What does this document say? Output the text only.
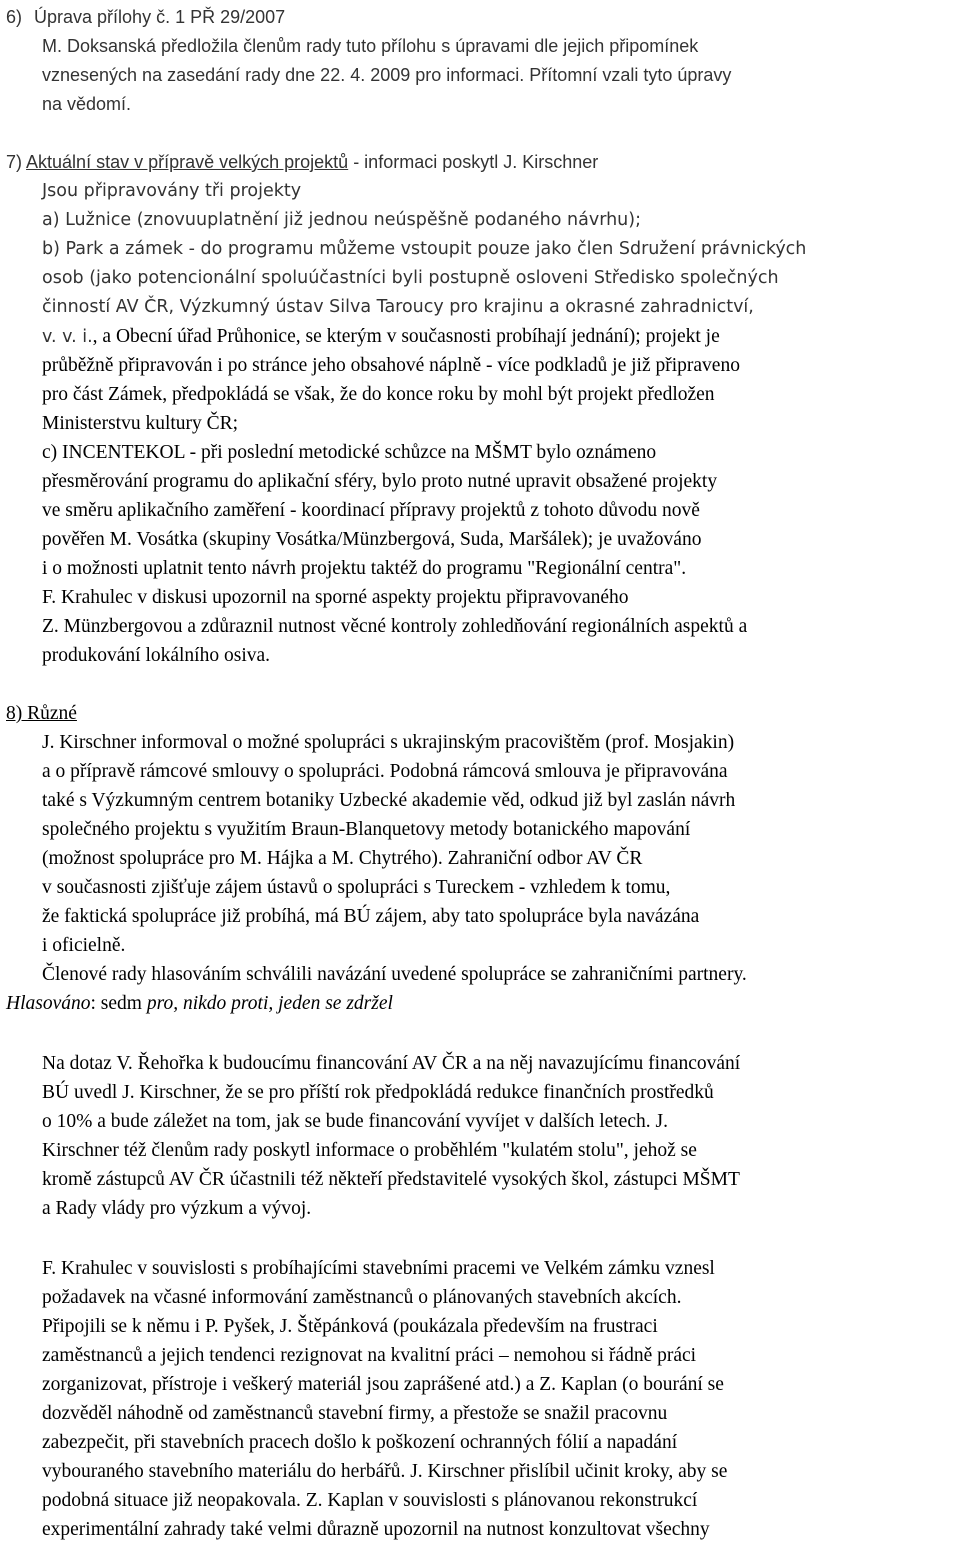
6) Úprava přílohy č. 1 PŘ 29/2007
M. Doksanská předložila členům rady tuto přílohu s úpravami dle jejich připomínek
vznesených na zasedání rady dne 22. 4. 2009 pro informaci. Přítomní vzali tyto úpravy
na vědomí.
7) Aktuální stav v přípravě velkých projektů - informaci poskytl J. Kirschner
Jsou připravovány tři projekty
a) Lužnice (znovuuplatnění již jednou neúspěšně podaného návrhu);
b) Park a zámek - do programu můžeme vstoupit pouze jako člen Sdružení právnických
osob (jako potencionální spoluúčastníci byli postupně osloveni Středisko společných
činností AV ČR, Výzkumný ústav Silva Taroucy pro krajinu a okrasné zahradnictví,
v. v. i., a Obecní úřad Průhonice, se kterým v současnosti probíhají jednání); projekt je
průběžně připravován i po stránce jeho obsahové náplně - více podkladů je již připraveno
pro část Zámek, předpokládá se však, že do konce roku by mohl být projekt předložen
Ministerstvu kultury ČR;
c) INCENTEKOL - při poslední metodické schůzce na MŠMT bylo oznámeno
přesměrování programu do aplikační sféry, bylo proto nutné upravit obsažené projekty
ve směru aplikačního zaměření - koordinací přípravy projektů z tohoto důvodu nově
pověřen M. Vosátka (skupiny Vosátka/Münzbergová, Suda, Maršálek); je uvažováno
i o možnosti uplatnit tento návrh projektu taktéž do programu "Regionální centra".
F. Krahulec v diskusi upozornil na sporné aspekty projektu připravovaného
Z. Münzbergovou a zdůraznil nutnost věcné kontroly zohledňování regionálních aspektů a
produkování lokálního osiva.
8) Různé
J. Kirschner informoval o možné spolupráci s ukrajinským pracovištěm (prof. Mosjakin)
a o přípravě rámcové smlouvy o spolupráci. Podobná rámcová smlouva je připravována
také s Výzkumným centrem botaniky Uzbecké akademie věd, odkud již byl zaslán návrh
společného projektu s využitím Braun-Blanquetovy metody botanického mapování
(možnost spolupráce pro M. Hájka a M. Chytrého). Zahraniční odbor AV ČR
v současnosti zjišťuje zájem ústavů o spolupráci s Tureckem - vzhledem k tomu,
že faktická spolupráce již probíhá, má BÚ zájem, aby tato spolupráce byla navázána
i oficielně.
Členové rady hlasováním schválili navázání uvedené spolupráce se zahraničními partnery.
Hlasováno: sedm pro, nikdo proti, jeden se zdržel
Na dotaz V. Řehořka k budoucímu financování AV ČR a na něj navazujícímu financování
BÚ uvedl J. Kirschner, že se pro příští rok předpokládá redukce finančních prostředků
o 10% a bude záležet na tom, jak se bude financování vyvíjet v dalších letech. J.
Kirschner též členům rady poskytl informace o proběhlém "kulatém stolu", jehož se
kromě zástupců AV ČR účastnili též někteří představitelé vysokých škol, zástupci MŠMT
a Rady vlády pro výzkum a vývoj.
F. Krahulec v souvislosti s probíhajícími stavebními pracemi ve Velkém zámku vznesl
požadavek na včasné informování zaměstnanců o plánovaných stavebních akcích.
Připojili se k němu i P. Pyšek, J. Štěpánková (poukázala především na frustraci
zaměstnanců a jejich tendenci rezignovat na kvalitní práci – nemohou si řádně práci
zorganizovat, přístroje i veškerý materiál jsou zaprášené atd.) a Z. Kaplan (o bourání se
dozvěděl náhodně od zaměstnanců stavební firmy, a přestože se snažil pracovnu
zabezpečit, při stavebních pracech došlo k poškození ochranných fólií a napadání
vybouraného stavebního materiálu do herbářů. J. Kirschner přislíbil učinit kroky, aby se
podobná situace již neopakovala. Z. Kaplan v souvislosti s plánovanou rekonstrukcí
experimentální zahrady také velmi důrazně upozornil na nutnost konzultovat všechny
